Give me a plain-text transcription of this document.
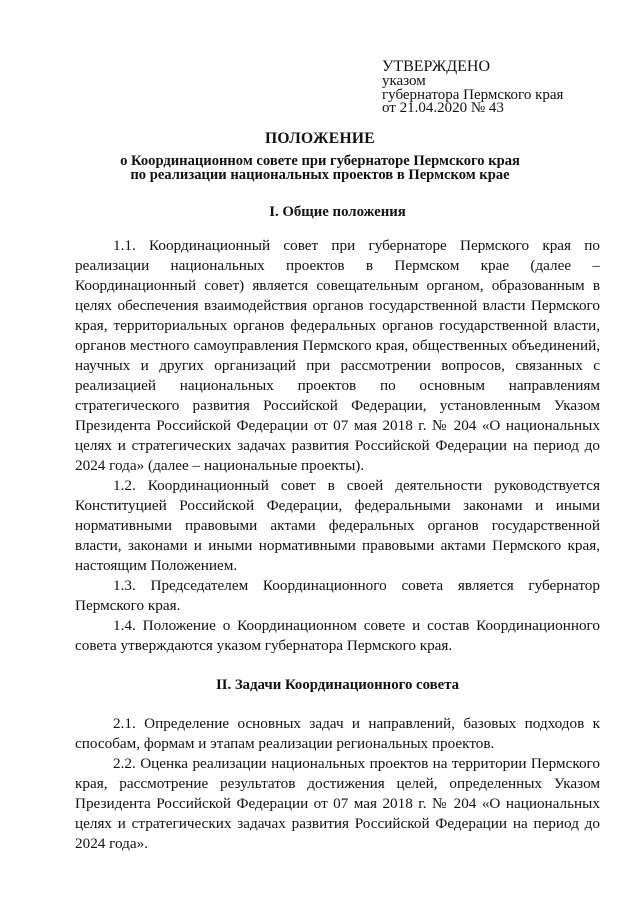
УТВЕРЖДЕНО
указом
губернатора Пермского края
от 21.04.2020 № 43
ПОЛОЖЕНИЕ
о Координационном совете при губернаторе Пермского края
по реализации национальных проектов в Пермском крае
I. Общие положения

1.1. Координационный совет при губернаторе Пермского края по реализации национальных проектов в Пермском крае (далее – Координационный совет) является совещательным органом, образованным в целях обеспечения взаимодействия органов государственной власти Пермского края, территориальных органов федеральных органов государственной власти, органов местного самоуправления Пермского края, общественных объединений, научных и других организаций при рассмотрении вопросов, связанных с реализацией национальных проектов по основным направлениям стратегического развития Российской Федерации, установленным Указом Президента Российской Федерации от 07 мая 2018 г. № 204 «О национальных целях и стратегических задачах развития Российской Федерации на период до 2024 года» (далее – национальные проекты).

1.2. Координационный совет в своей деятельности руководствуется Конституцией Российской Федерации, федеральными законами и иными нормативными правовыми актами федеральных органов государственной власти, законами и иными нормативными правовыми актами Пермского края, настоящим Положением.

1.3. Председателем Координационного совета является губернатор Пермского края.

1.4. Положение о Координационном совете и состав Координационного совета утверждаются указом губернатора Пермского края.

II. Задачи Координационного совета

2.1. Определение основных задач и направлений, базовых подходов к способам, формам и этапам реализации региональных проектов.

2.2. Оценка реализации национальных проектов на территории Пермского края, рассмотрение результатов достижения целей, определенных Указом Президента Российской Федерации от 07 мая 2018 г. № 204 «О национальных целях и стратегических задачах развития Российской Федерации на период до 2024 года».
